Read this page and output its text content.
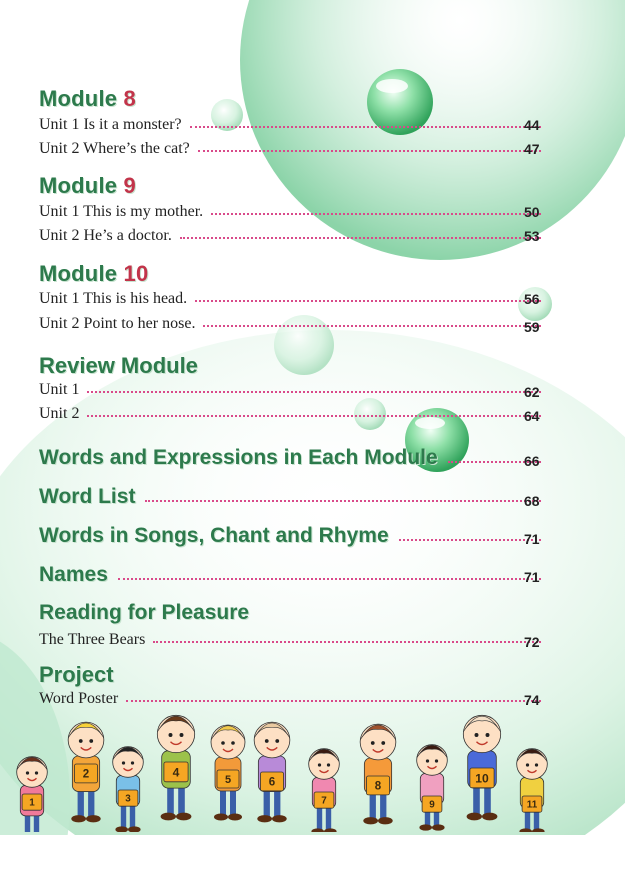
Module 8
Unit 1 Is it a monster?	44
Unit 2 Where’s the cat?	47
Module 9
Unit 1 This is my mother.	50
Unit 2 He’s a doctor.	53
Module 10
Unit 1 This is his head.	56
Unit 2 Point to her nose.	59
Review Module
Unit 1	62
Unit 2	64
Words and Expressions in Each Module	66
Word List	68
Words in Songs, Chant and Rhyme	71
Names	71
Reading for Pleasure
The Three Bears	72
Project
Word Poster	74
1
2
3
4
5	6
7
8
9
10
11
